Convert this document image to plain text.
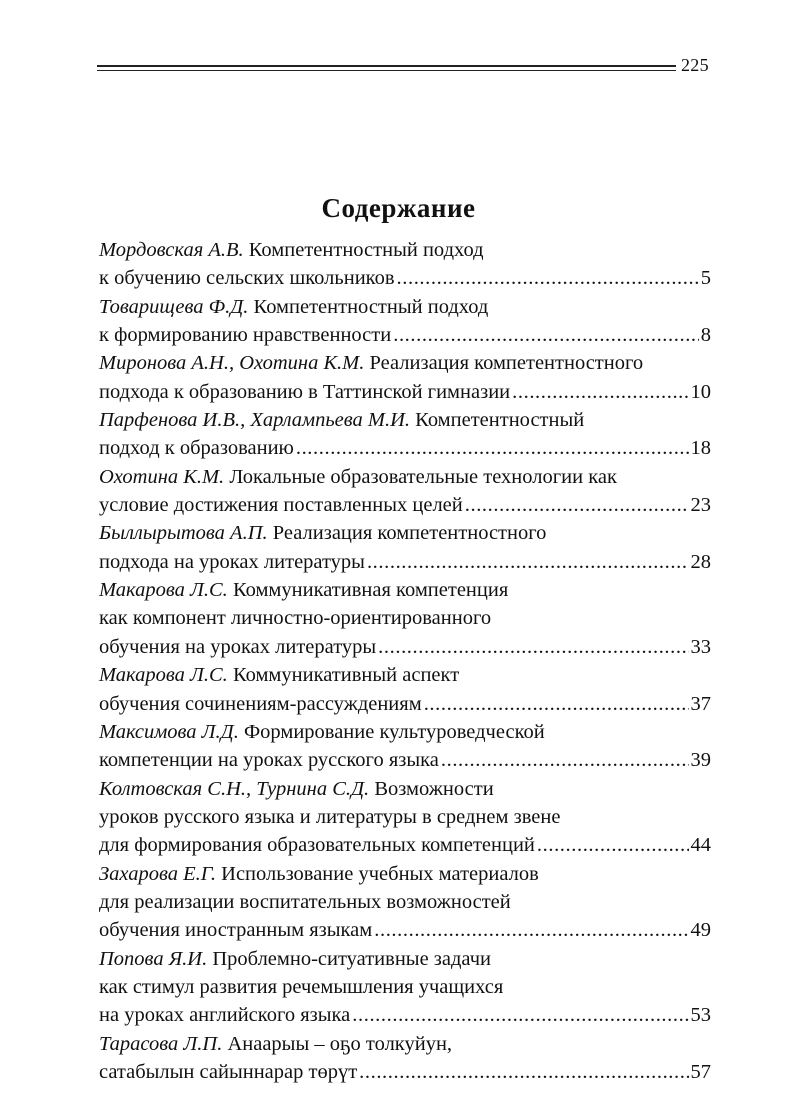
225
Содержание
Мордовская А.В.
Компетентностный подход
к обучению сельских школьников .....	5
Товарищева Ф.Д.
Компетентностный подход
к формированию нравственности .....	8
Миронова А.Н., Охотина К.М.
Реализация компетентностного
подхода к образованию в Таттинской гимназии .....	10
Парфенова И.В., Харлампьева М.И.
Компетентностный
подход к образованию .....	18
Охотина К.М.
Локальные образовательные технологии как
условие достижения поставленных целей .....	23
Быллырытова А.П.
Реализация компетентностного
подхода на уроках литературы .....	28
Макарова Л.С.
Коммуникативная компетенция
как компонент личностно-ориентированного
обучения на уроках литературы .....	33
Макарова Л.С.
Коммуникативный аспект
обучения сочинениям-рассуждениям .....	37
Максимова Л.Д.
Формирование культуроведческой
компетенции на уроках русского языка .....	39
Колтовская С.Н., Турнина С.Д.
Возможности
уроков русского языка и литературы в среднем звене
для формирования образовательных компетенций .....	44
Захарова Е.Г.
Использование учебных материалов
для реализации воспитательных возможностей
обучения иностранным языкам .....	49
Попова Я.И.
Проблемно-ситуативные задачи
как стимул развития речемышления учащихся
на уроках английского языка .....	53
Тарасова Л.П.
Анаарыы – оҕо толкуйун,
сатабылын сайыннарар төрүт .....	57
